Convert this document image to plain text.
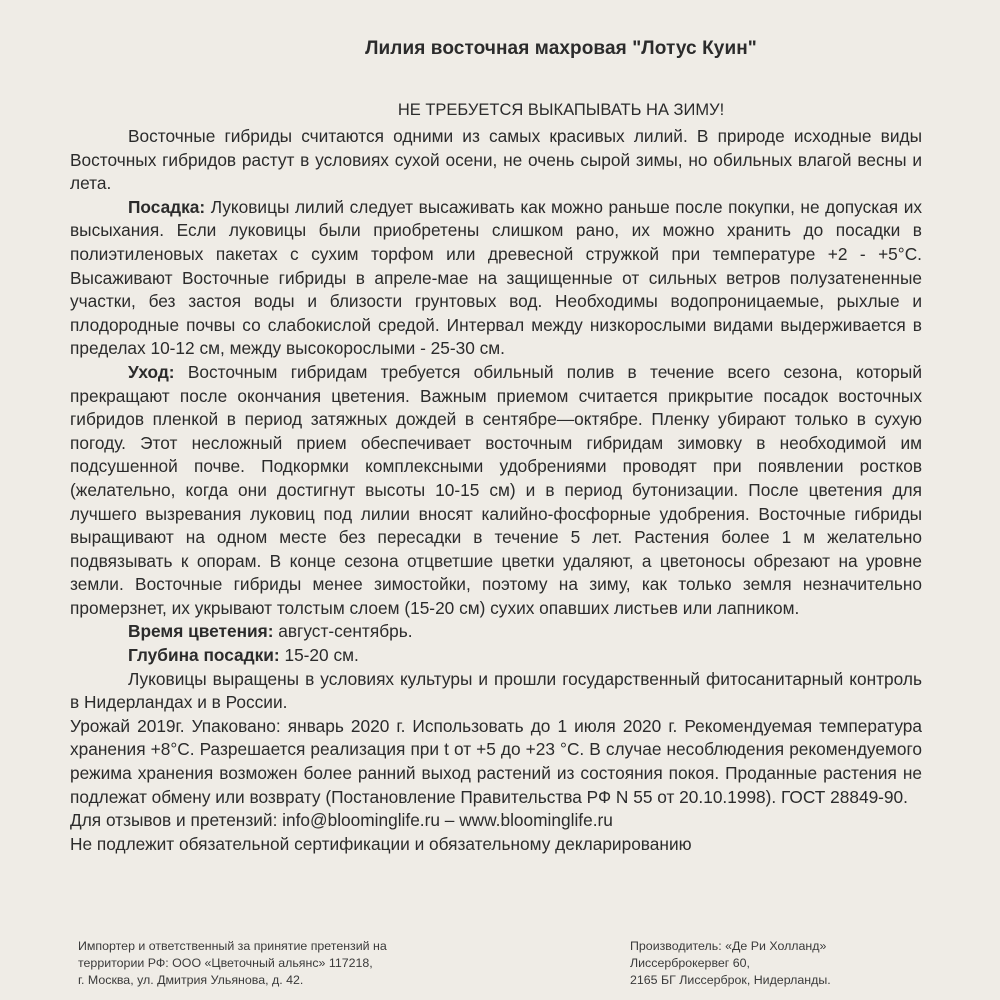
Лилия восточная махровая "Лотус Куин"
НЕ ТРЕБУЕТСЯ ВЫКАПЫВАТЬ НА ЗИМУ!

Восточные гибриды считаются одними из самых красивых лилий. В природе исходные виды Восточных гибридов растут в условиях сухой осени, не очень сырой зимы, но обильных влагой весны и лета.

Посадка: Луковицы лилий следует высаживать как можно раньше после покупки, не допуская их высыхания. Если луковицы были приобретены слишком рано, их можно хранить до посадки в полиэтиленовых пакетах с сухим торфом или древесной стружкой при температуре +2 - +5°С. Высаживают Восточные гибриды в апреле-мае на защищенные от сильных ветров полузатененные участки, без застоя воды и близости грунтовых вод. Необходимы водопроницаемые, рыхлые и плодородные почвы со слабокислой средой. Интервал между низкорослыми видами выдерживается в пределах 10-12 см, между высокорослыми - 25-30 см.

Уход: Восточным гибридам требуется обильный полив в течение всего сезона, который прекращают после окончания цветения. Важным приемом считается прикрытие посадок восточных гибридов пленкой в период затяжных дождей в сентябре—октябре. Пленку убирают только в сухую погоду. Этот несложный прием обеспечивает восточным гибридам зимовку в необходимой им подсушенной почве. Подкормки комплексными удобрениями проводят при появлении ростков (желательно, когда они достигнут высоты 10-15 см) и в период бутонизации. После цветения для лучшего вызревания луковиц под лилии вносят калийно-фосфорные удобрения. Восточные гибриды выращивают на одном месте без пересадки в течение 5 лет. Растения более 1 м желательно подвязывать к опорам. В конце сезона отцветшие цветки удаляют, а цветоносы обрезают на уровне земли. Восточные гибриды менее зимостойки, поэтому на зиму, как только земля незначительно промерзнет, их укрывают толстым слоем (15-20 см) сухих опавших листьев или лапником.

Время цветения: август-сентябрь.

Глубина посадки: 15-20 см.

Луковицы выращены в условиях культуры и прошли государственный фитосанитарный контроль в Нидерландах и в России.

Урожай 2019г. Упаковано: январь 2020 г. Использовать до 1 июля 2020 г. Рекомендуемая температура хранения +8°С. Разрешается реализация при t от +5 до +23 °С. В случае несоблюдения рекомендуемого режима хранения возможен более ранний выход растений из состояния покоя. Проданные растения не подлежат обмену или возврату (Постановление Правительства РФ N 55 от 20.10.1998). ГОСТ 28849-90.

Для отзывов и претензий: info@bloominglife.ru – www.bloominglife.ru

Не подлежит обязательной сертификации и обязательному декларированию

Импортер и ответственный за принятие претензий на
территории РФ: ООО «Цветочный альянс» 117218,
г. Москва, ул. Дмитрия Ульянова, д. 42.
Производитель: «Де Ри Холланд»
Лиссерброкервег 60,
2165 БГ Лиссерброк, Нидерланды.
